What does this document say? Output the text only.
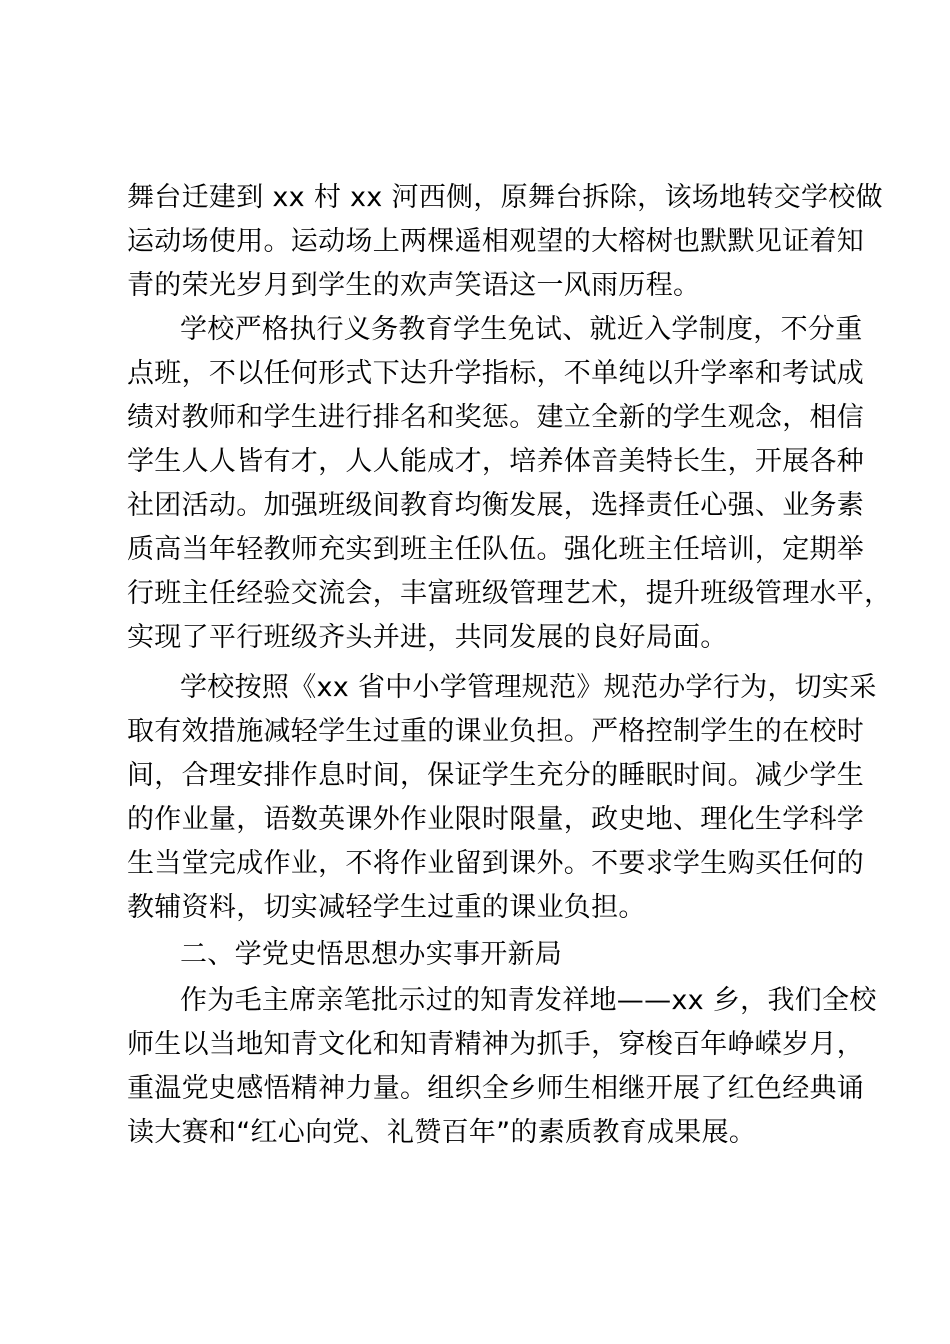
舞台迁建到 xx 村 xx 河西侧，原舞台拆除，该场地转交学校做
运动场使用。运动场上两棵遥相观望的大榕树也默默见证着知
青的荣光岁月到学生的欢声笑语这一风雨历程。
学校严格执行义务教育学生免试、就近入学制度，不分重
点班，不以任何形式下达升学指标，不单纯以升学率和考试成
绩对教师和学生进行排名和奖惩。建立全新的学生观念，相信
学生人人皆有才，人人能成才，培养体音美特长生，开展各种
社团活动。加强班级间教育均衡发展，选择责任心强、业务素
质高当年轻教师充实到班主任队伍。强化班主任培训，定期举
行班主任经验交流会，丰富班级管理艺术，提升班级管理水平，
实现了平行班级齐头并进，共同发展的良好局面。
学校按照《xx 省中小学管理规范》规范办学行为，切实采
取有效措施减轻学生过重的课业负担。严格控制学生的在校时
间，合理安排作息时间，保证学生充分的睡眠时间。减少学生
的作业量，语数英课外作业限时限量，政史地、理化生学科学
生当堂完成作业，不将作业留到课外。不要求学生购买任何的
教辅资料，切实减轻学生过重的课业负担。
二、学党史悟思想办实事开新局
作为毛主席亲笔批示过的知青发祥地——xx 乡，我们全校
师生以当地知青文化和知青精神为抓手，穿梭百年峥嵘岁月，
重温党史感悟精神力量。组织全乡师生相继开展了红色经典诵
读大赛和“红心向党、礼赞百年”的素质教育成果展。
